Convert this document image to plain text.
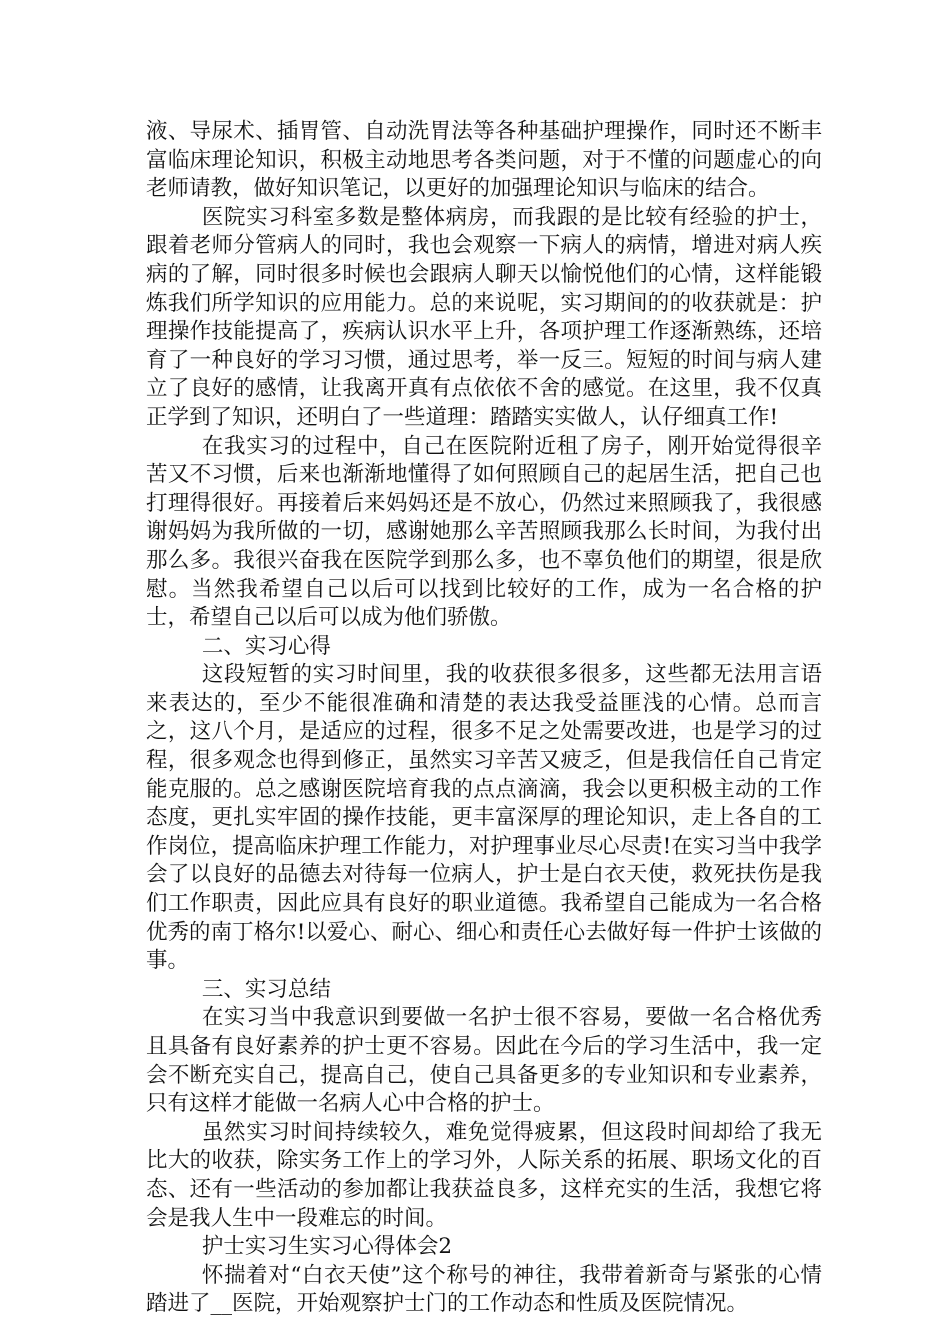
液、导尿术、插胃管、自动洗胃法等各种基础护理操作，同时还不断丰富临床理论知识，积极主动地思考各类问题，对于不懂的问题虚心的向老师请教，做好知识笔记，以更好的加强理论知识与临床的结合。

医院实习科室多数是整体病房，而我跟的是比较有经验的护士，跟着老师分管病人的同时，我也会观察一下病人的病情，增进对病人疾病的了解，同时很多时候也会跟病人聊天以愉悦他们的心情，这样能锻炼我们所学知识的应用能力。总的来说呢，实习期间的的收获就是：护理操作技能提高了，疾病认识水平上升，各项护理工作逐渐熟练，还培育了一种良好的学习习惯，通过思考，举一反三。短短的时间与病人建立了良好的感情，让我离开真有点依依不舍的感觉。在这里，我不仅真正学到了知识，还明白了一些道理：踏踏实实做人，认仔细真工作!

在我实习的过程中，自己在医院附近租了房子，刚开始觉得很辛苦又不习惯，后来也渐渐地懂得了如何照顾自己的起居生活，把自己也打理得很好。再接着后来妈妈还是不放心，仍然过来照顾我了，我很感谢妈妈为我所做的一切，感谢她那么辛苦照顾我那么长时间，为我付出那么多。我很兴奋我在医院学到那么多，也不辜负他们的期望，很是欣慰。当然我希望自己以后可以找到比较好的工作，成为一名合格的护士，希望自己以后可以成为他们骄傲。

二、实习心得

这段短暂的实习时间里，我的收获很多很多，这些都无法用言语来表达的，至少不能很准确和清楚的表达我受益匪浅的心情。总而言之，这八个月，是适应的过程，很多不足之处需要改进，也是学习的过程，很多观念也得到修正，虽然实习辛苦又疲乏，但是我信任自己肯定能克服的。总之感谢医院培育我的点点滴滴，我会以更积极主动的工作态度，更扎实牢固的操作技能，更丰富深厚的理论知识，走上各自的工作岗位，提高临床护理工作能力，对护理事业尽心尽责!在实习当中我学会了以良好的品德去对待每一位病人，护士是白衣天使，救死扶伤是我们工作职责，因此应具有良好的职业道德。我希望自己能成为一名合格优秀的南丁格尔!以爱心、耐心、细心和责任心去做好每一件护士该做的事。

三、实习总结

在实习当中我意识到要做一名护士很不容易，要做一名合格优秀且具备有良好素养的护士更不容易。因此在今后的学习生活中，我一定会不断充实自己，提高自己，使自己具备更多的专业知识和专业素养，只有这样才能做一名病人心中合格的护士。

虽然实习时间持续较久，难免觉得疲累，但这段时间却给了我无比大的收获，除实务工作上的学习外，人际关系的拓展、职场文化的百态、还有一些活动的参加都让我获益良多，这样充实的生活，我想它将会是我人生中一段难忘的时间。

护士实习生实习心得体会2

怀揣着对“白衣天使”这个称号的神往，我带着新奇与紧张的心情踏进了__医院，开始观察护士门的工作动态和性质及医院情况。
